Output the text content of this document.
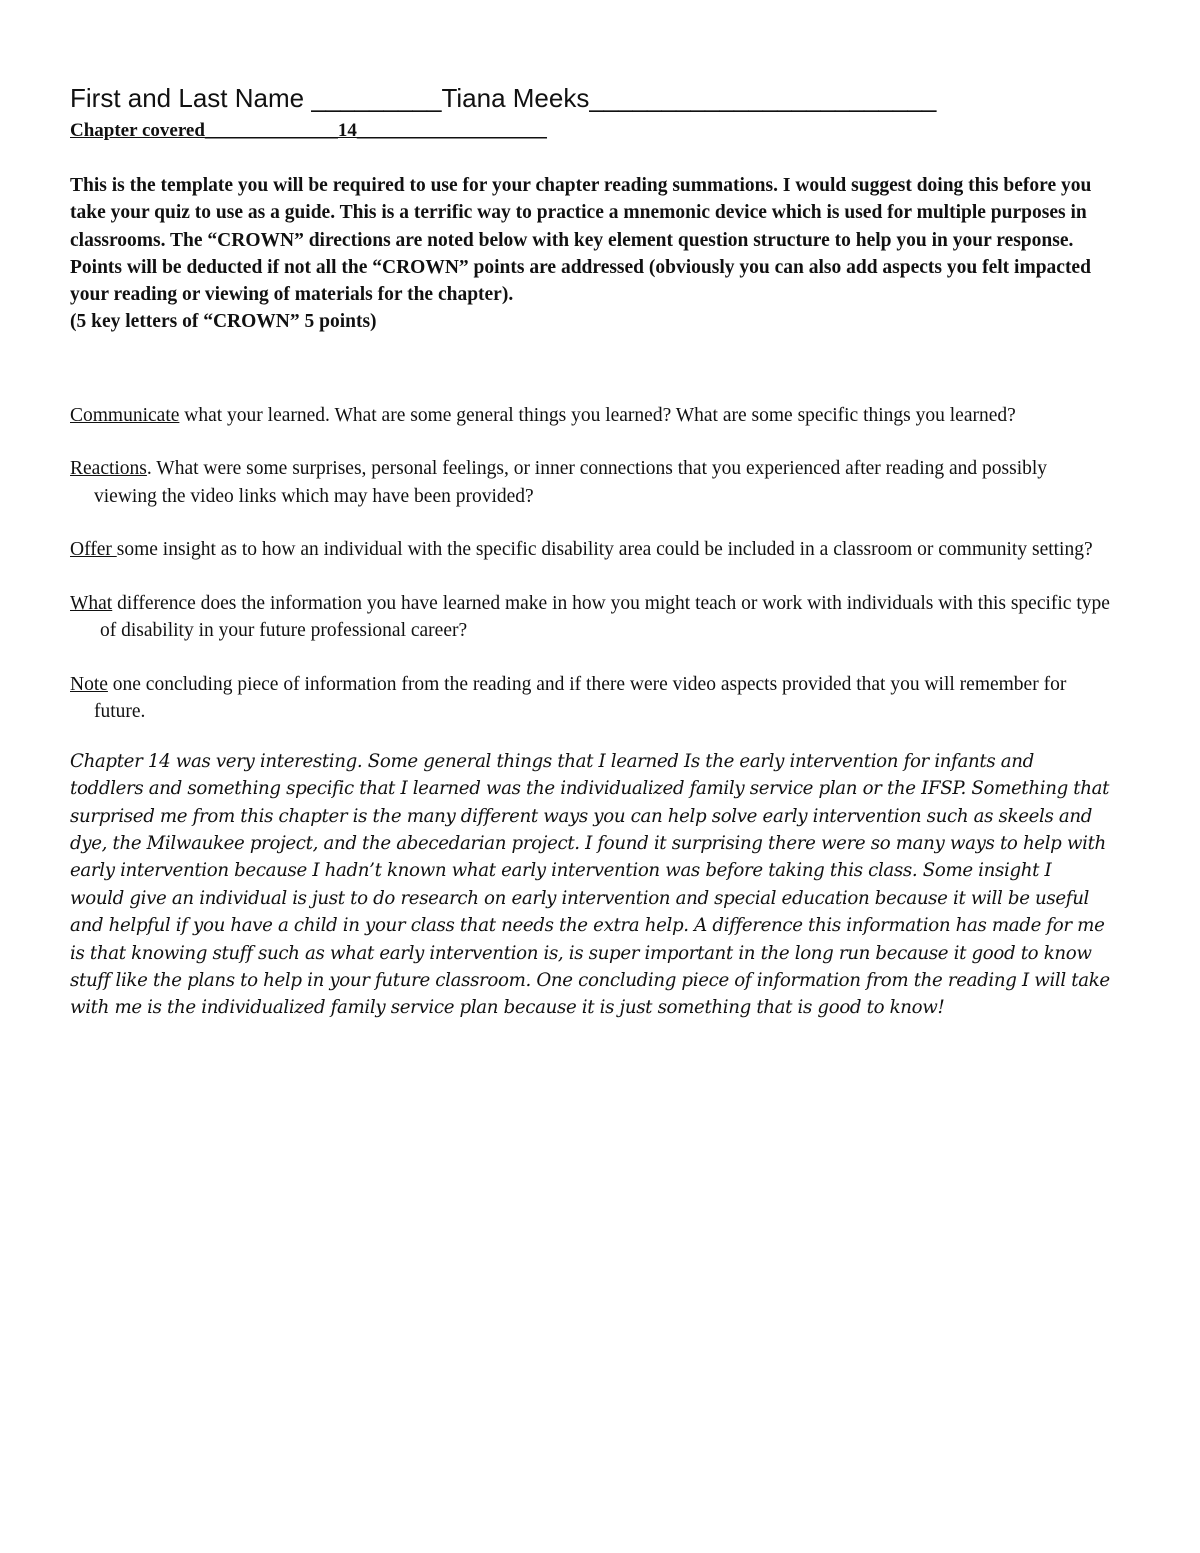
First and Last Name _________Tiana Meeks________________________
Chapter covered______________14____________________

This is the template you will be required to use for your chapter reading summations. I would suggest doing this before you take your quiz to use as a guide. This is a terrific way to practice a mnemonic device which is used for multiple purposes in classrooms. The “CROWN” directions are noted below with key element question structure to help you in your response. Points will be deducted if not all the “CROWN” points are addressed (obviously you can also add aspects you felt impacted your reading or viewing of materials for the chapter).

(5 key letters of “CROWN” 5 points)

Communicate what your learned. What are some general things you learned? What are some specific things you learned?

Reactions. What were some surprises, personal feelings, or inner connections that you experienced after reading and possibly viewing the video links which may have been provided?

Offer some insight as to how an individual with the specific disability area could be included in a classroom or community setting?

What difference does the information you have learned make in how you might teach or work with individuals with this specific type of disability in your future professional career?

Note one concluding piece of information from the reading and if there were video aspects provided that you will remember for future.

Chapter 14 was very interesting. Some general things that I learned Is the early intervention for infants and toddlers and something specific that I learned was the individualized family service plan or the IFSP. Something that surprised me from this chapter is the many different ways you can help solve early intervention such as skeels and dye, the Milwaukee project, and the abecedarian project. I found it surprising there were so many ways to help with early intervention because I hadn’t known what early intervention was before taking this class. Some insight I would give an individual is just to do research on early intervention and special education because it will be useful and helpful if you have a child in your class that needs the extra help. A difference this information has made for me is that knowing stuff such as what early intervention is, is super important in the long run because it good to know stuff like the plans to help in your future classroom. One concluding piece of information from the reading I will take with me is the individualized family service plan because it is just something that is good to know!
